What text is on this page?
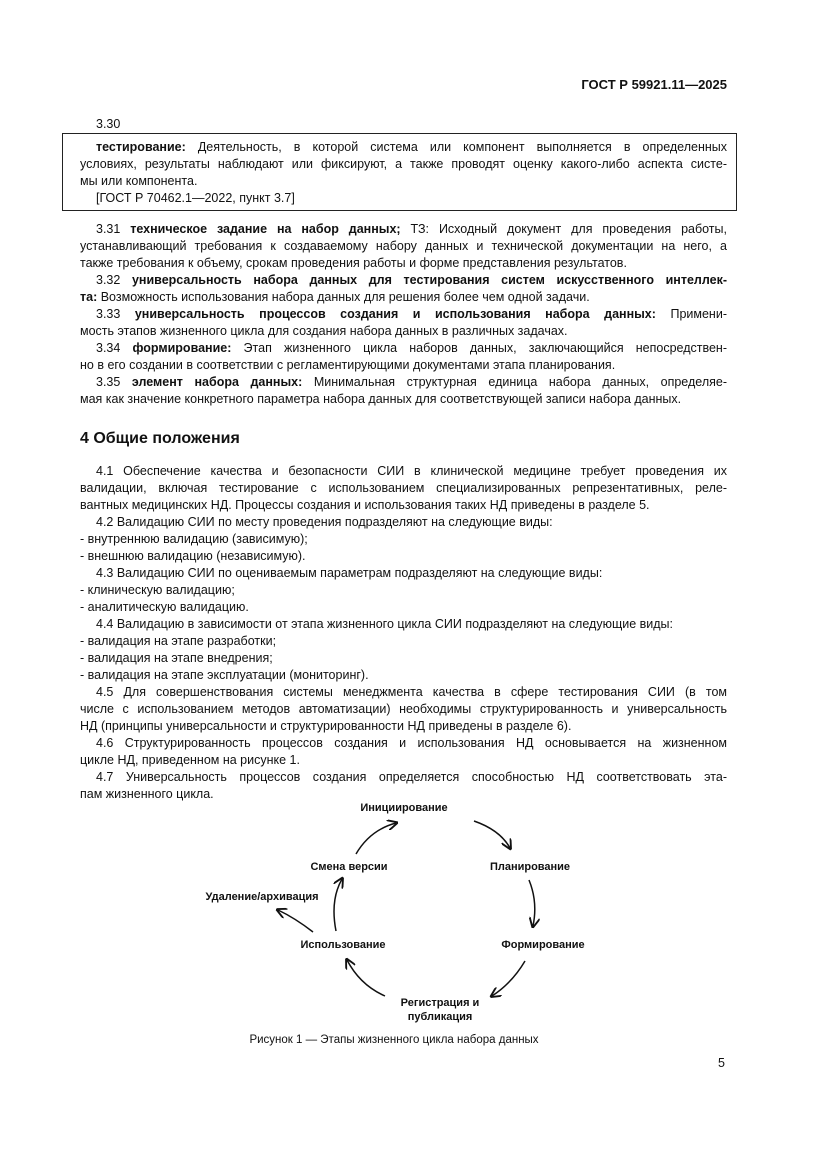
ГОСТ Р 59921.11—2025
3.30
тестирование: Деятельность, в которой система или компонент выполняется в определенных
условиях, результаты наблюдают или фиксируют, а также проводят оценку какого-либо аспекта систе-
мы или компонента.
[ГОСТ Р 70462.1—2022, пункт 3.7]
3.31 техническое задание на набор данных; ТЗ: Исходный документ для проведения работы,
устанавливающий требования к создаваемому набору данных и технической документации на него, а
также требования к объему, срокам проведения работы и форме представления результатов.
3.32 универсальность набора данных для тестирования систем искусственного интеллек-
та: Возможность использования набора данных для решения более чем одной задачи.
3.33 универсальность процессов создания и использования набора данных: Примени-
мость этапов жизненного цикла для создания набора данных в различных задачах.
3.34 формирование: Этап жизненного цикла наборов данных, заключающийся непосредствен-
но в его создании в соответствии с регламентирующими документами этапа планирования.
3.35 элемент набора данных: Минимальная структурная единица набора данных, определяе-
мая как значение конкретного параметра набора данных для соответствующей записи набора данных.
4 Общие положения
4.1 Обеспечение качества и безопасности СИИ в клинической медицине требует проведения их
валидации, включая тестирование с использованием специализированных репрезентативных, реле-
вантных медицинских НД. Процессы создания и использования таких НД приведены в разделе 5.
4.2 Валидацию СИИ по месту проведения подразделяют на следующие виды:
- внутреннюю валидацию (зависимую);
- внешнюю валидацию (независимую).
4.3 Валидацию СИИ по оцениваемым параметрам подразделяют на следующие виды:
- клиническую валидацию;
- аналитическую валидацию.
4.4 Валидацию в зависимости от этапа жизненного цикла СИИ подразделяют на следующие виды:
- валидация на этапе разработки;
- валидация на этапе внедрения;
- валидация на этапе эксплуатации (мониторинг).
4.5 Для совершенствования системы менеджмента качества в сфере тестирования СИИ (в том
числе с использованием методов автоматизации) необходимы структурированность и универсальность
НД (принципы универсальности и структурированности НД приведены в разделе 6).
4.6 Структурированность процессов создания и использования НД основывается на жизненном
цикле НД, приведенном на рисунке 1.
4.7 Универсальность процессов создания определяется способностью НД соответствовать эта-
пам жизненного цикла.
Инициирование
Планирование
Формирование
Регистрация и
публикация
Использование
Удаление/архивация
Смена версии
Рисунок 1 — Этапы жизненного цикла набора данных
5
